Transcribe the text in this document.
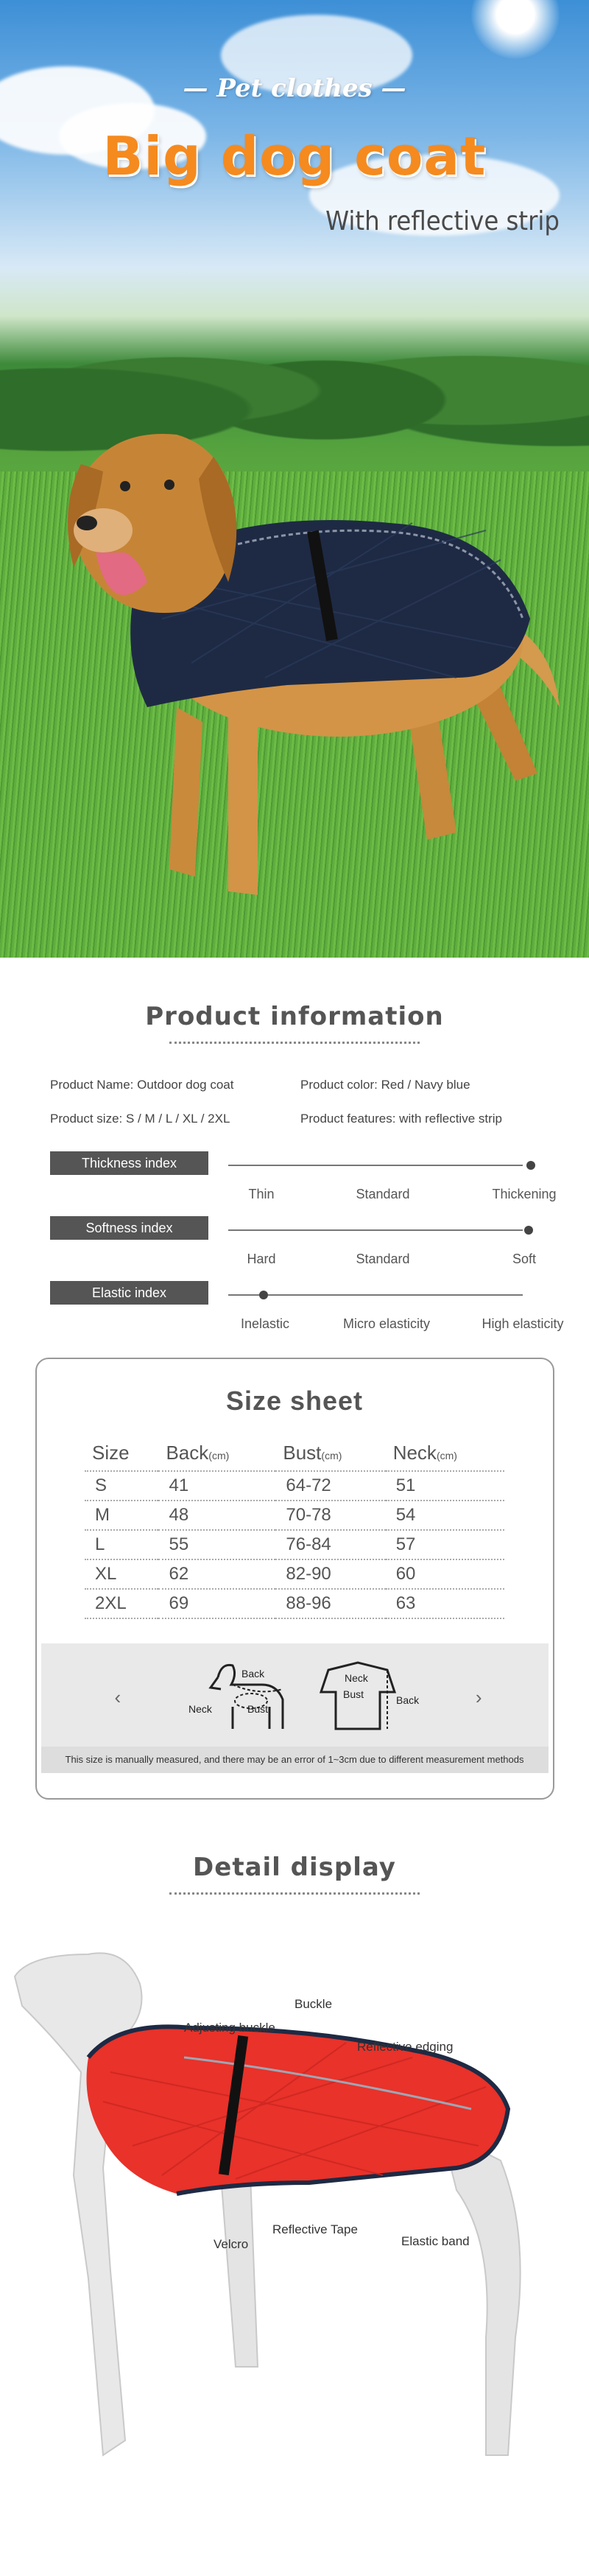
— Pet clothes —
Big dog coat
With reflective strip
Product information
Product Name: Outdoor dog coat	Product color: Red / Navy blue
Product size: S / M / L / XL / 2XL	Product features: with reflective strip
Thickness index
Thin	Standard	Thickening
Softness index
Hard	Standard	Soft
Elastic index
Inelastic	Micro elasticity	High elasticity
Size sheet
Size	Back(cm)	Bust(cm)	Neck(cm)
S	41	64-72	51
M	48	70-78	54
L	55	76-84	57
XL	62	82-90	60
2XL	69	88-96	63
‹	›
Back
Neck	Bust
Neck
Bust	Back
This size is manually measured, and there may be an error of 1~3cm due to different measurement methods
Detail display
Buckle
Adjusting buckle
Reflective edging
Reflective Tape
Velcro	Elastic band
